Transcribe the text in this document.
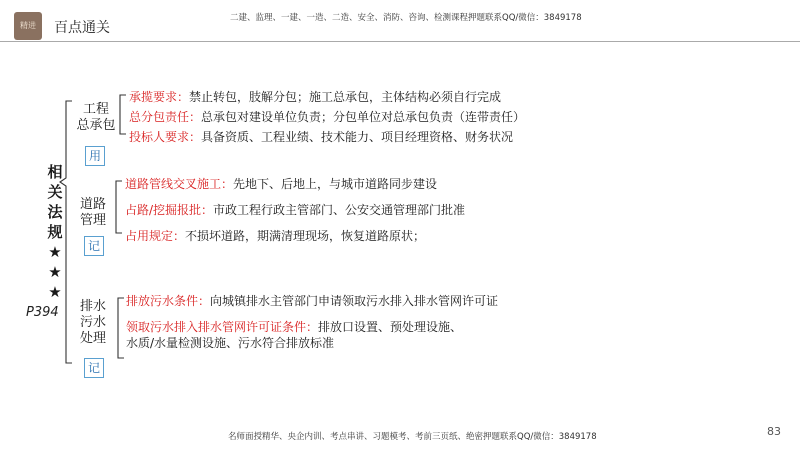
精进 百点通关
二建、监理、一建、一造、二造、安全、消防、咨询、检测课程押题联系QQ/微信：3849178
相
关
法
规
★
★
★
P394
工程
总承包
用
承揽要求：禁止转包，肢解分包；施工总承包，主体结构必须自行完成
总分包责任：总承包对建设单位负责；分包单位对总承包负责（连带责任）
投标人要求：具备资质、工程业绩、技术能力、项目经理资格、财务状况
道路
管理
记
道路管线交叉施工：先地下、后地上，与城市道路同步建设
占路/挖掘报批：市政工程行政主管部门、公安交通管理部门批准
占用规定：不损坏道路，期满清理现场，恢复道路原状；
排水
污水
处理
记
排放污水条件：向城镇排水主管部门申请领取污水排入排水管网许可证
领取污水排入排水管网许可证条件：排放口设置、预处理设施、
水质/水量检测设施、污水符合排放标准
名师面授精华、央企内训、考点串讲、习题模考、考前三页纸、绝密押题联系QQ/微信：3849178	83
